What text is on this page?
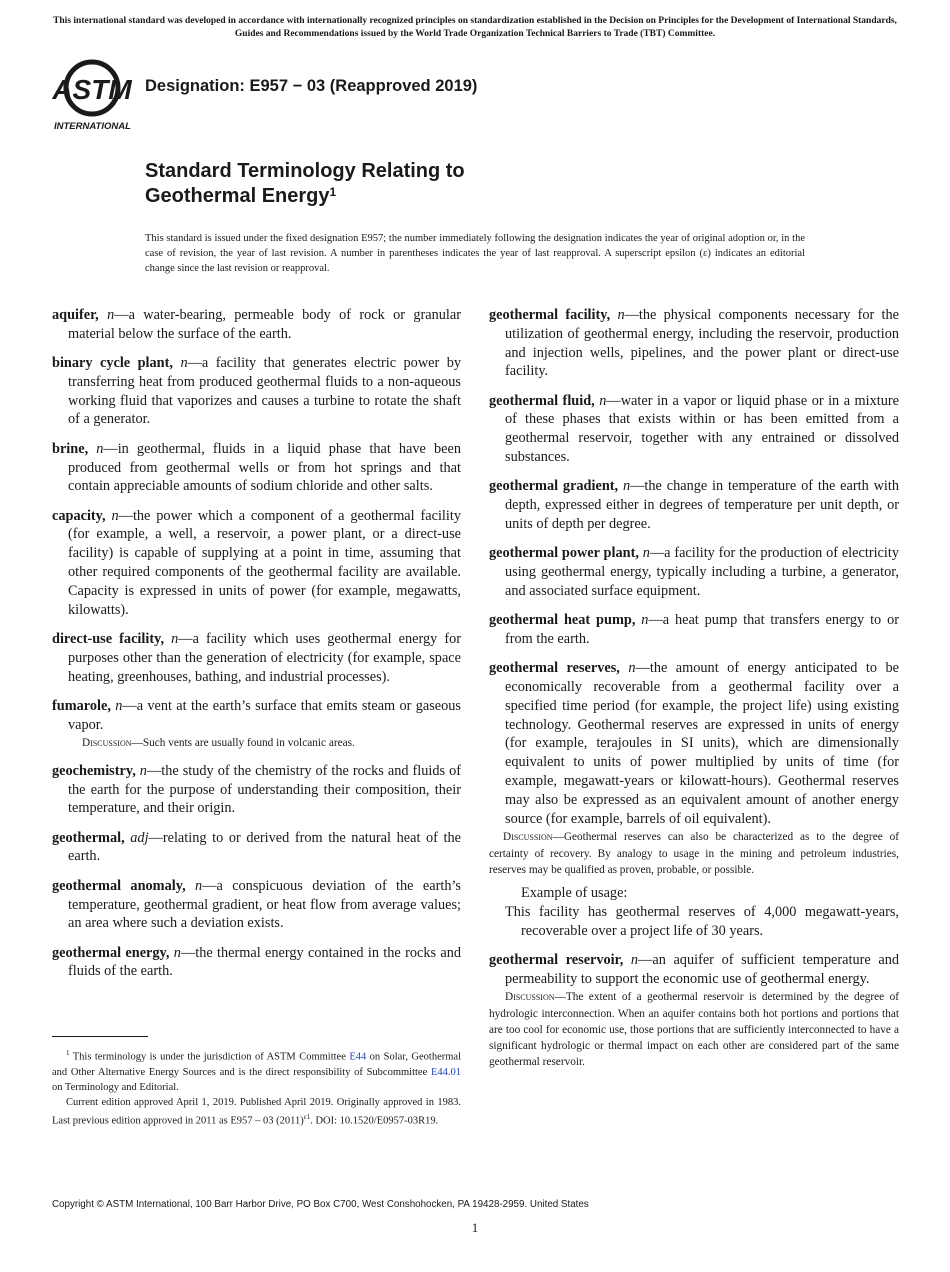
This international standard was developed in accordance with internationally recognized principles on standardization established in the Decision on Principles for the Development of International Standards, Guides and Recommendations issued by the World Trade Organization Technical Barriers to Trade (TBT) Committee.
ASTM
INTERNATIONAL
Designation: E957 − 03 (Reapproved 2019)
Standard Terminology Relating to
Geothermal Energy$^1$
This standard is issued under the fixed designation E957; the number immediately following the designation indicates the year of original adoption or, in the case of revision, the year of last revision. A number in parentheses indicates the year of last reapproval. A superscript epsilon (ε) indicates an editorial change since the last revision or reapproval.

aquifer, n—a water-bearing, permeable body of rock or granular material below the surface of the earth.

binary cycle plant, n—a facility that generates electric power by transferring heat from produced geothermal fluids to a non-aqueous working fluid that vaporizes and causes a turbine to rotate the shaft of a generator.

brine, n—in geothermal, fluids in a liquid phase that have been produced from geothermal wells or from hot springs and that contain appreciable amounts of sodium chloride and other salts.

capacity, n—the power which a component of a geothermal facility (for example, a well, a reservoir, a power plant, or a direct-use facility) is capable of supplying at a point in time, assuming that other required components of the geothermal facility are available. Capacity is expressed in units of power (for example, megawatts, kilowatts).

direct-use facility, n—a facility which uses geothermal energy for purposes other than the generation of electricity (for example, space heating, greenhouses, bathing, and industrial processes).

fumarole, n—a vent at the earth’s surface that emits steam or gaseous vapor.

Discussion—Such vents are usually found in volcanic areas.

geochemistry, n—the study of the chemistry of the rocks and fluids of the earth for the purpose of understanding their composition, their temperature, and their origin.

geothermal, adj—relating to or derived from the natural heat of the earth.

geothermal anomaly, n—a conspicuous deviation of the earth’s temperature, geothermal gradient, or heat flow from average values; an area where such a deviation exists.

geothermal energy, n—the thermal energy contained in the rocks and fluids of the earth.

geothermal facility, n—the physical components necessary for the utilization of geothermal energy, including the reservoir, production and injection wells, pipelines, and the power plant or direct-use facility.

geothermal fluid, n—water in a vapor or liquid phase or in a mixture of these phases that exists within or has been emitted from a geothermal reservoir, together with any entrained or dissolved substances.

geothermal gradient, n—the change in temperature of the earth with depth, expressed either in degrees of temperature per unit depth, or units of depth per degree.

geothermal power plant, n—a facility for the production of electricity using geothermal energy, typically including a turbine, a generator, and associated surface equipment.

geothermal heat pump, n—a heat pump that transfers energy to or from the earth.

geothermal reserves, n—the amount of energy anticipated to be economically recoverable from a geothermal facility over a specified time period (for example, the project life) using existing technology. Geothermal reserves are expressed in units of energy (for example, terajoules in SI units), which are dimensionally equivalent to units of power multiplied by units of time (for example, megawatt-years or kilowatt-hours). Geothermal reserves may also be expressed as an equivalent amount of another energy source (for example, barrels of oil equivalent).

Discussion—Geothermal reserves can also be characterized as to the degree of certainty of recovery. By analogy to usage in the mining and petroleum industries, reserves may be qualified as proven, probable, or possible.

Example of usage:

This facility has geothermal reserves of 4,000 megawatt-years, recoverable over a project life of 30 years.

geothermal reservoir, n—an aquifer of sufficient temperature and permeability to support the economic use of geothermal energy.

Discussion—The extent of a geothermal reservoir is determined by the degree of hydrologic interconnection. When an aquifer contains both hot portions and portions that are too cool for economic use, those portions that are sufficiently interconnected to have a significant hydrologic or thermal impact on each other are considered part of the same geothermal reservoir.

$^1$ This terminology is under the jurisdiction of ASTM Committee E44 on Solar, Geothermal and Other Alternative Energy Sources and is the direct responsibility of Subcommittee E44.01 on Terminology and Editorial.

Current edition approved April 1, 2019. Published April 2019. Originally approved in 1983. Last previous edition approved in 2011 as E957 – 03 $(2011)^{\varepsilon 1}$. DOI: 10.1520/E0957-03R19.

Copyright © ASTM International, 100 Barr Harbor Drive, PO Box C700, West Conshohocken, PA 19428-2959. United States
1
